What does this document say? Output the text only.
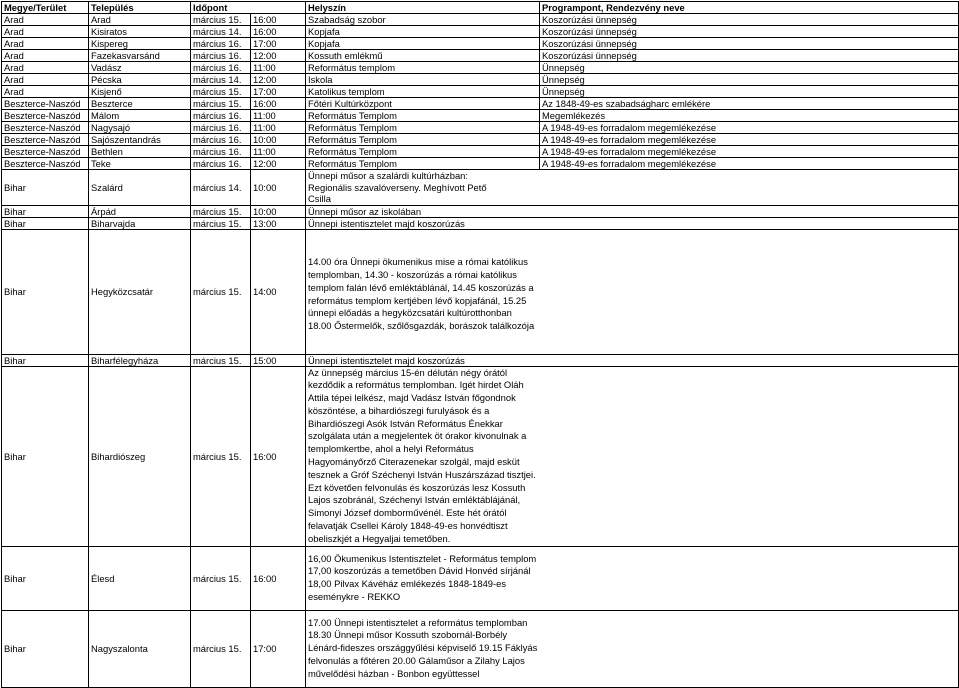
Megye/Terület	Település	Időpont		Helyszín	Programpont, Rendezvény neve
Arad	Arad	március 15.	16:00	Szabadság szobor	Koszorúzási ünnepség
Arad	Kisiratos	március 14.	16:00	Kopjafa	Koszorúzási ünnepség
Arad	Kispereg	március 16.	17:00	Kopjafa	Koszorúzási ünnepség
Arad	Fazekasvarsánd	március 16.	12:00	Kossuth emlékmű	Koszorúzási ünnepség
Arad	Vadász	március 16.	11:00	Református templom	Ünnepség
Arad	Pécska	március 14.	12:00	Iskola	Ünnepség
Arad	Kisjenő	március 15.	17:00	Katolikus templom	Ünnepség
Beszterce-Naszód	Beszterce	március 15.	16:00	Főtéri Kultúrközpont	Az 1848-49-es szabadságharc emlékére
Beszterce-Naszód	Málom	március 16.	11:00	Református Templom	Megemlékezés
Beszterce-Naszód	Nagysajó	március 16.	11:00	Református Templom	A 1948-49-es forradalom megemlékezése
Beszterce-Naszód	Sajószentandrás	március 16.	10:00	Református Templom	A 1948-49-es forradalom megemlékezése
Beszterce-Naszód	Bethlen	március 16.	11:00	Református Templom	A 1948-49-es forradalom megemlékezése
Beszterce-Naszód	Teke	március 16.	12:00	Református Templom	A 1948-49-es forradalom megemlékezése
Bihar	Szalárd	március 14.	10:00	Ünnepi műsor a szalárdi kultúrházban: Regionális szavalóverseny. Meghívott Pető Csilla	

Bihar	Árpád	március 15.	10:00	Ünnepi műsor az iskolában	
Bihar	Biharvajda	március 15.	13:00	Ünnepi istentisztelet majd koszorúzás	
Bihar	Hegyközcsatár	március 15.	14:00	14.00 óra Ünnepi ökumenikus mise a római katólikus templomban, 14.30 - koszorúzás a római katólikus templom falán lévő emléktáblánál, 14.45 koszorúzás a református templom kertjében lévő kopjafánál, 15.25 ünnepi előadás a hegyközcsatári kultúrotthonban 18.00 Őstermelők, szőlősgazdák, borászok találkozója	

Bihar	Biharfélegyháza	március 15.	15:00	Ünnepi istentisztelet majd koszorúzás	
Bihar	Bihardiószeg	március 15.	16:00	Az ünnepség március 15-én délután négy órától kezdődik a református templomban. Igét hirdet Oláh Attila tépei lelkész, majd Vadász István főgondnok köszöntése, a bihardiószegi furulyások és a Bihardiószegi Asók István Református Énekkar szolgálata után a megjelentek öt órakor kivonulnak a templomkertbe, ahol a helyi Református Hagyományőrző Citerazenekar szolgál, majd esküt tesznek a Gróf Széchenyi István Huszárszázad tisztjei. Ezt követően felvonulás és koszorúzás lesz Kossuth Lajos szobránál, Széchenyi István emléktáblájánál, Simonyi József domborművénél. Este hét órától felavatják Csellei Károly 1848-49-es honvédtiszt obeliszkjét a Hegyaljai temetőben.	

Bihar	Élesd	március 15.	16:00	16,00 Ökumenikus Istentisztelet - Református templom 17,00 koszorúzás a temetőben Dávid Honvéd sírjánál 18,00 Pilvax Kávéház emlékezés 1848-1849-es eseménykre - REKKO	

Bihar	Nagyszalonta	március 15.	17:00	17.00 Ünnepi istentisztelet a református templomban 18.30 Ünnepi műsor Kossuth szobornál-Borbély Lénárd-fideszes országgyűlési képviselő 19.15 Fáklyás felvonulás a főtéren 20.00 Gálaműsor a Zilahy Lajos művelődési házban - Bonbon együttessel	
